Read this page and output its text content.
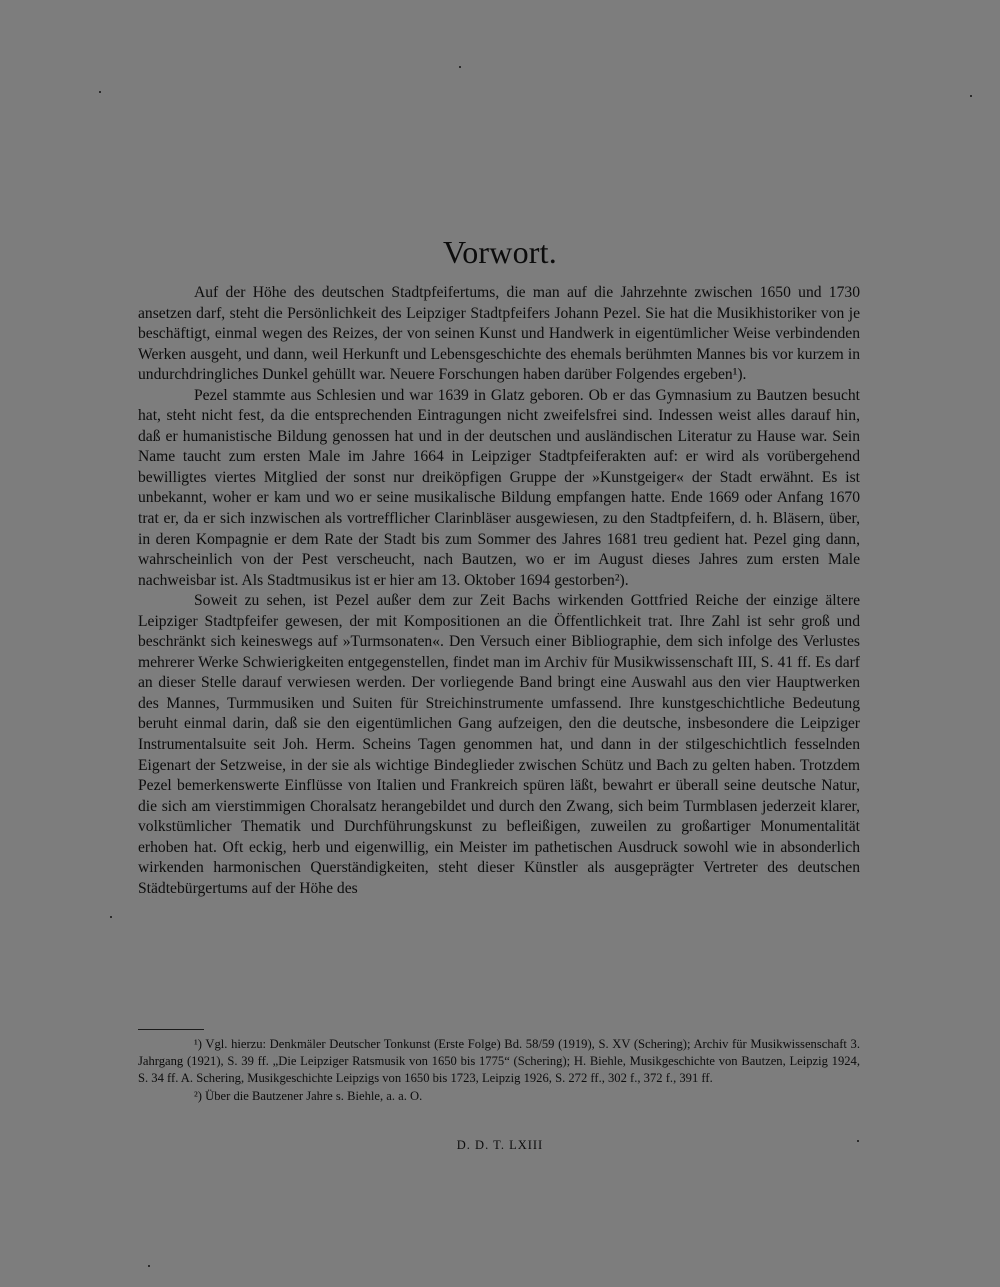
Vorwort.

Auf der Höhe des deutschen Stadtpfeifertums, die man auf die Jahrzehnte zwischen 1650 und 1730 ansetzen darf, steht die Persönlichkeit des Leipziger Stadtpfeifers Johann Pezel. Sie hat die Musikhistoriker von je beschäftigt, einmal wegen des Reizes, der von seinen Kunst und Handwerk in eigentümlicher Weise verbindenden Werken ausgeht, und dann, weil Herkunft und Lebensgeschichte des ehemals berühmten Mannes bis vor kurzem in undurchdringliches Dunkel gehüllt war. Neuere Forschungen haben darüber Folgendes ergeben¹).

Pezel stammte aus Schlesien und war 1639 in Glatz geboren. Ob er das Gymnasium zu Bautzen besucht hat, steht nicht fest, da die entsprechenden Eintragungen nicht zweifelsfrei sind. Indessen weist alles darauf hin, daß er humanistische Bildung genossen hat und in der deutschen und ausländischen Literatur zu Hause war. Sein Name taucht zum ersten Male im Jahre 1664 in Leipziger Stadtpfeiferakten auf: er wird als vorübergehend bewilligtes viertes Mitglied der sonst nur dreiköpfigen Gruppe der »Kunstgeiger« der Stadt erwähnt. Es ist unbekannt, woher er kam und wo er seine musikalische Bildung empfangen hatte. Ende 1669 oder Anfang 1670 trat er, da er sich inzwischen als vortrefflicher Clarinbläser ausgewiesen, zu den Stadtpfeifern, d. h. Bläsern, über, in deren Kompagnie er dem Rate der Stadt bis zum Sommer des Jahres 1681 treu gedient hat. Pezel ging dann, wahrscheinlich von der Pest verscheucht, nach Bautzen, wo er im August dieses Jahres zum ersten Male nachweisbar ist. Als Stadtmusikus ist er hier am 13. Oktober 1694 gestorben²).

Soweit zu sehen, ist Pezel außer dem zur Zeit Bachs wirkenden Gottfried Reiche der einzige ältere Leipziger Stadtpfeifer gewesen, der mit Kompositionen an die Öffentlichkeit trat. Ihre Zahl ist sehr groß und beschränkt sich keineswegs auf »Turmsonaten«. Den Versuch einer Bibliographie, dem sich infolge des Verlustes mehrerer Werke Schwierigkeiten entgegenstellen, findet man im Archiv für Musikwissenschaft III, S. 41 ff. Es darf an dieser Stelle darauf verwiesen werden. Der vorliegende Band bringt eine Auswahl aus den vier Hauptwerken des Mannes, Turmmusiken und Suiten für Streichinstrumente umfassend. Ihre kunstgeschichtliche Bedeutung beruht einmal darin, daß sie den eigentümlichen Gang aufzeigen, den die deutsche, insbesondere die Leipziger Instrumentalsuite seit Joh. Herm. Scheins Tagen genommen hat, und dann in der stilgeschichtlich fesselnden Eigenart der Setzweise, in der sie als wichtige Bindeglieder zwischen Schütz und Bach zu gelten haben. Trotzdem Pezel bemerkenswerte Einflüsse von Italien und Frankreich spüren läßt, bewahrt er überall seine deutsche Natur, die sich am vierstimmigen Choralsatz herangebildet und durch den Zwang, sich beim Turmblasen jederzeit klarer, volkstümlicher Thematik und Durchführungskunst zu befleißigen, zuweilen zu großartiger Monumentalität erhoben hat. Oft eckig, herb und eigenwillig, ein Meister im pathetischen Ausdruck sowohl wie in absonderlich wirkenden harmonischen Querständigkeiten, steht dieser Künstler als ausgeprägter Vertreter des deutschen Städtebürgertums auf der Höhe des

¹) Vgl. hierzu: Denkmäler Deutscher Tonkunst (Erste Folge) Bd. 58/59 (1919), S. XV (Schering); Archiv für Musikwissenschaft 3. Jahrgang (1921), S. 39 ff. „Die Leipziger Ratsmusik von 1650 bis 1775“ (Schering); H. Biehle, Musikgeschichte von Bautzen, Leipzig 1924, S. 34 ff. A. Schering, Musikgeschichte Leipzigs von 1650 bis 1723, Leipzig 1926, S. 272 ff., 302 f., 372 f., 391 ff.

²) Über die Bautzener Jahre s. Biehle, a. a. O.

D. D. T. LXIII
